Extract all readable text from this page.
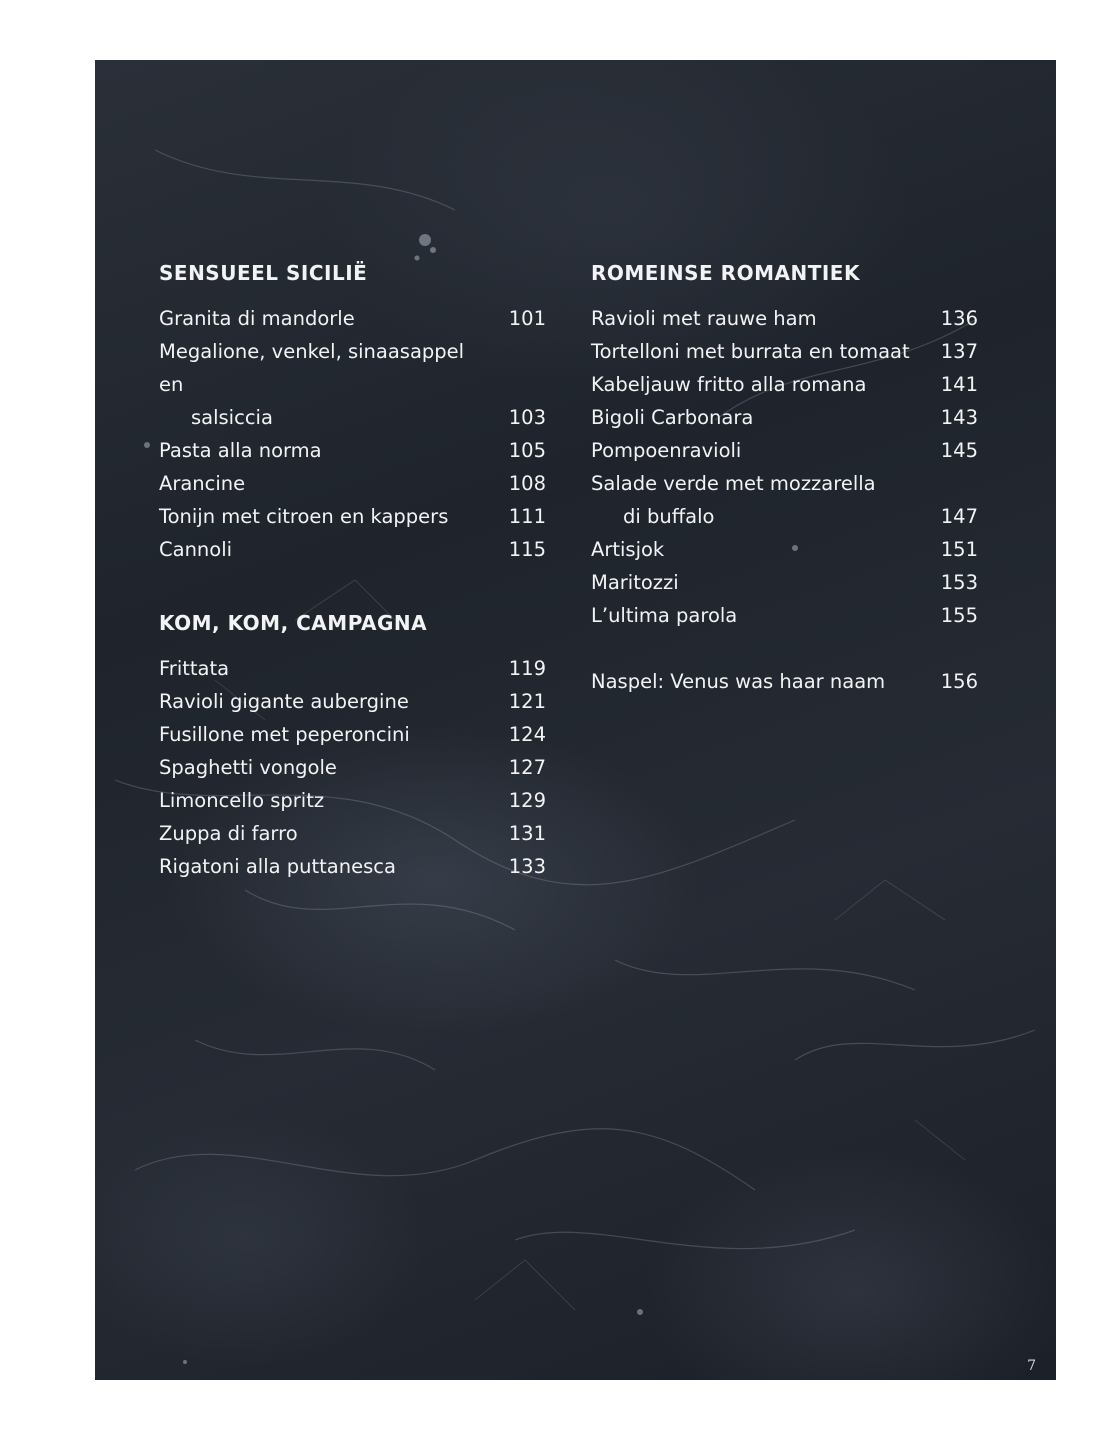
SENSUEEL SICILIË
Granita di mandorle	101
Megalione, venkel, sinaasappel en
salsiccia	103
Pasta alla norma	105
Arancine	108
Tonijn met citroen en kappers	111
Cannoli	115
KOM, KOM, CAMPAGNA
Frittata	119
Ravioli gigante aubergine	121
Fusillone met peperoncini	124
Spaghetti vongole	127
Limoncello spritz	129
Zuppa di farro	131
Rigatoni alla puttanesca	133
ROMEINSE ROMANTIEK
Ravioli met rauwe ham	136
Tortelloni met burrata en tomaat	137
Kabeljauw fritto alla romana	141
Bigoli Carbonara	143
Pompoenravioli	145
Salade verde met mozzarella
di buffalo	147
Artisjok	151
Maritozzi	153
L’ultima parola	155
Naspel: Venus was haar naam	156
7
